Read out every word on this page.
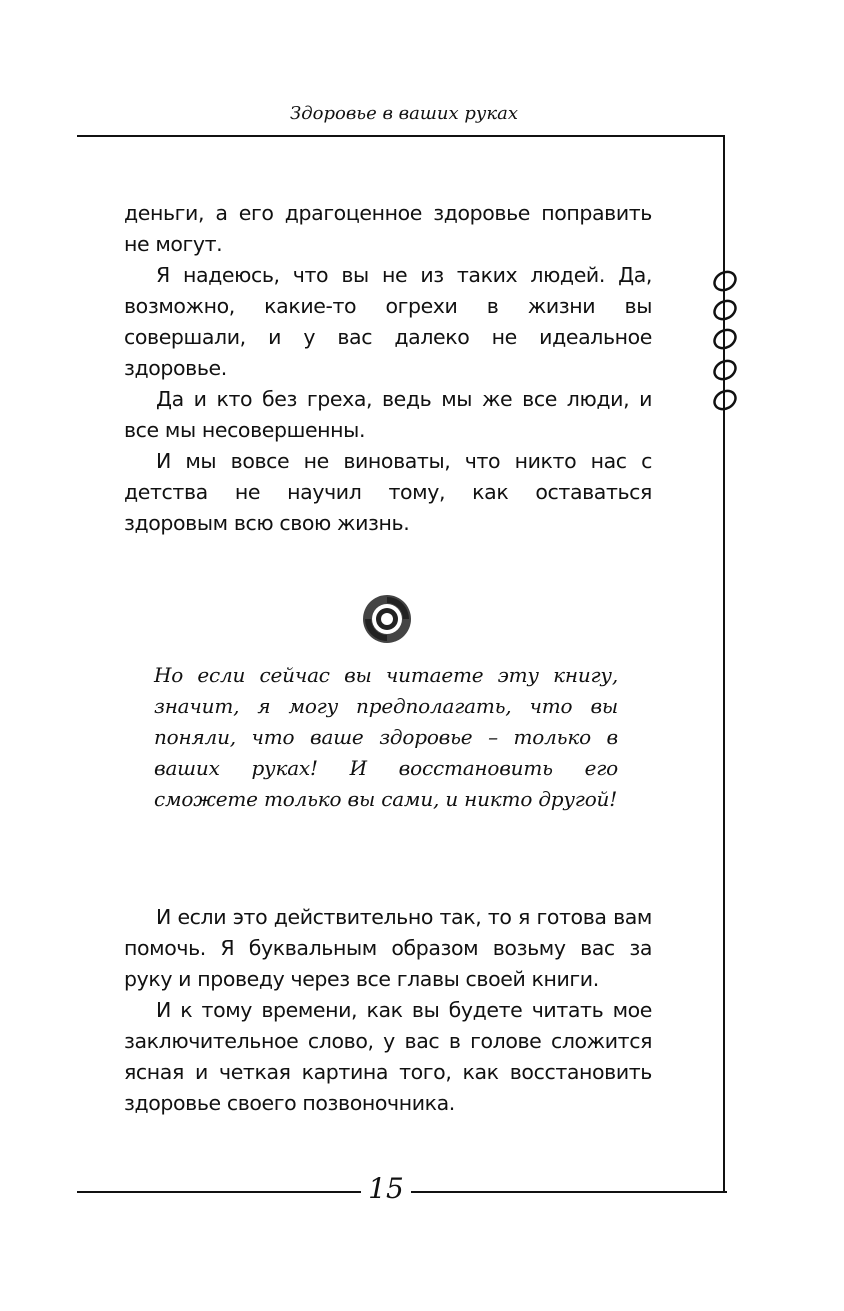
Здоровье в ваших руках

деньги, а его драгоценное здоровье поправить не могут.

Я надеюсь, что вы не из таких людей. Да, возможно, какие-то огрехи в жизни вы совершали, и у вас далеко не идеальное здоровье.

Да и кто без греха, ведь мы же все люди, и все мы несовершенны.

И мы вовсе не виноваты, что никто нас с детства не научил тому, как оставаться здоровым всю свою жизнь.

Но если сейчас вы читаете эту книгу, значит, я могу предполагать, что вы поняли, что ваше здоровье – только в ваших руках! И восстановить его сможете только вы сами, и никто другой!

И если это действительно так, то я готова вам помочь. Я буквальным образом возьму вас за руку и проведу через все главы своей книги.

И к тому времени, как вы будете читать мое заключительное слово, у вас в голове сложится ясная и четкая картина того, как восстановить здоровье своего позвоночника.

15
